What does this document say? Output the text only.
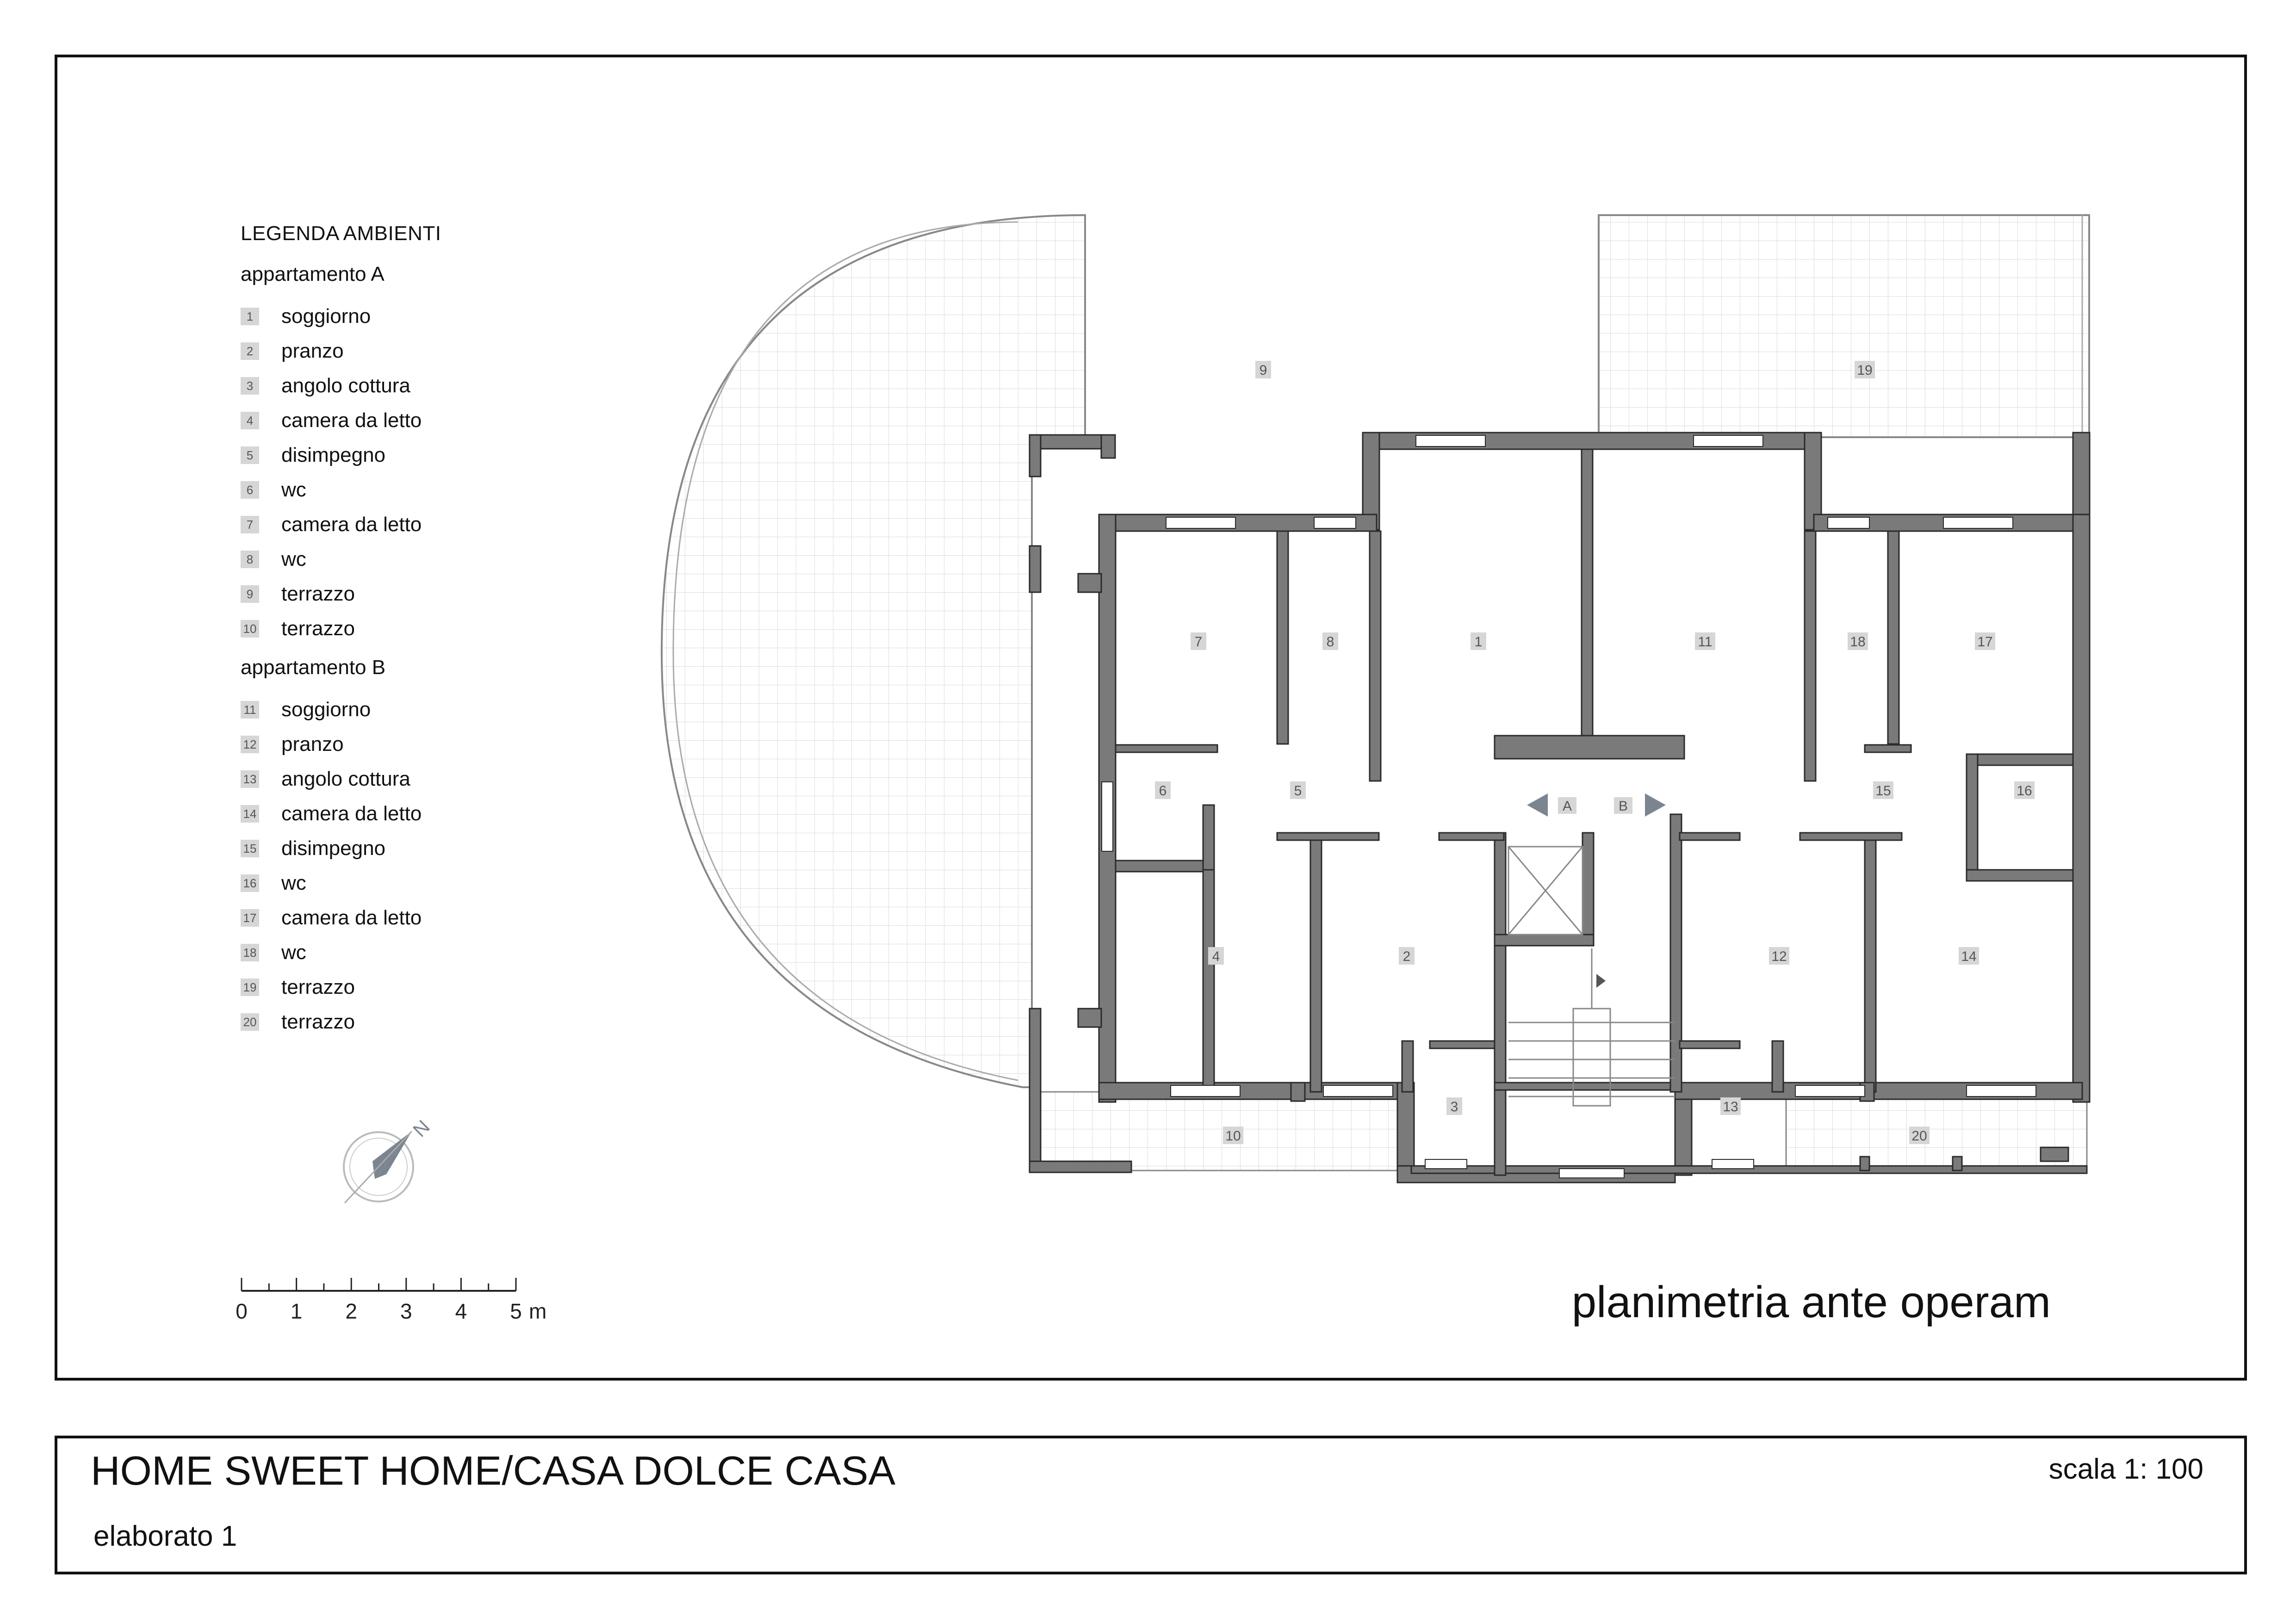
LEGENDA AMBIENTI
appartamento A
1 soggiorno
2 pranzo
3 angolo cottura
4 camera da letto
5 disimpegno
6 wc
7 camera da letto
8 wc
9 terrazzo
10 terrazzo
appartamento B
11 soggiorno
12 pranzo
13 angolo cottura
14 camera da letto
15 disimpegno
16 wc
17 camera da letto
18 wc
19 terrazzo
20 terrazzo
A	B
1
2
3
4
5
6
7	8
9
10
11
12
13
14
15	16
17
18
19
20
N
0 1 2 3 4 5 m	planimetria ante operam
HOME SWEET HOME/CASA DOLCE CASA
elaborato 1
scala 1: 100
